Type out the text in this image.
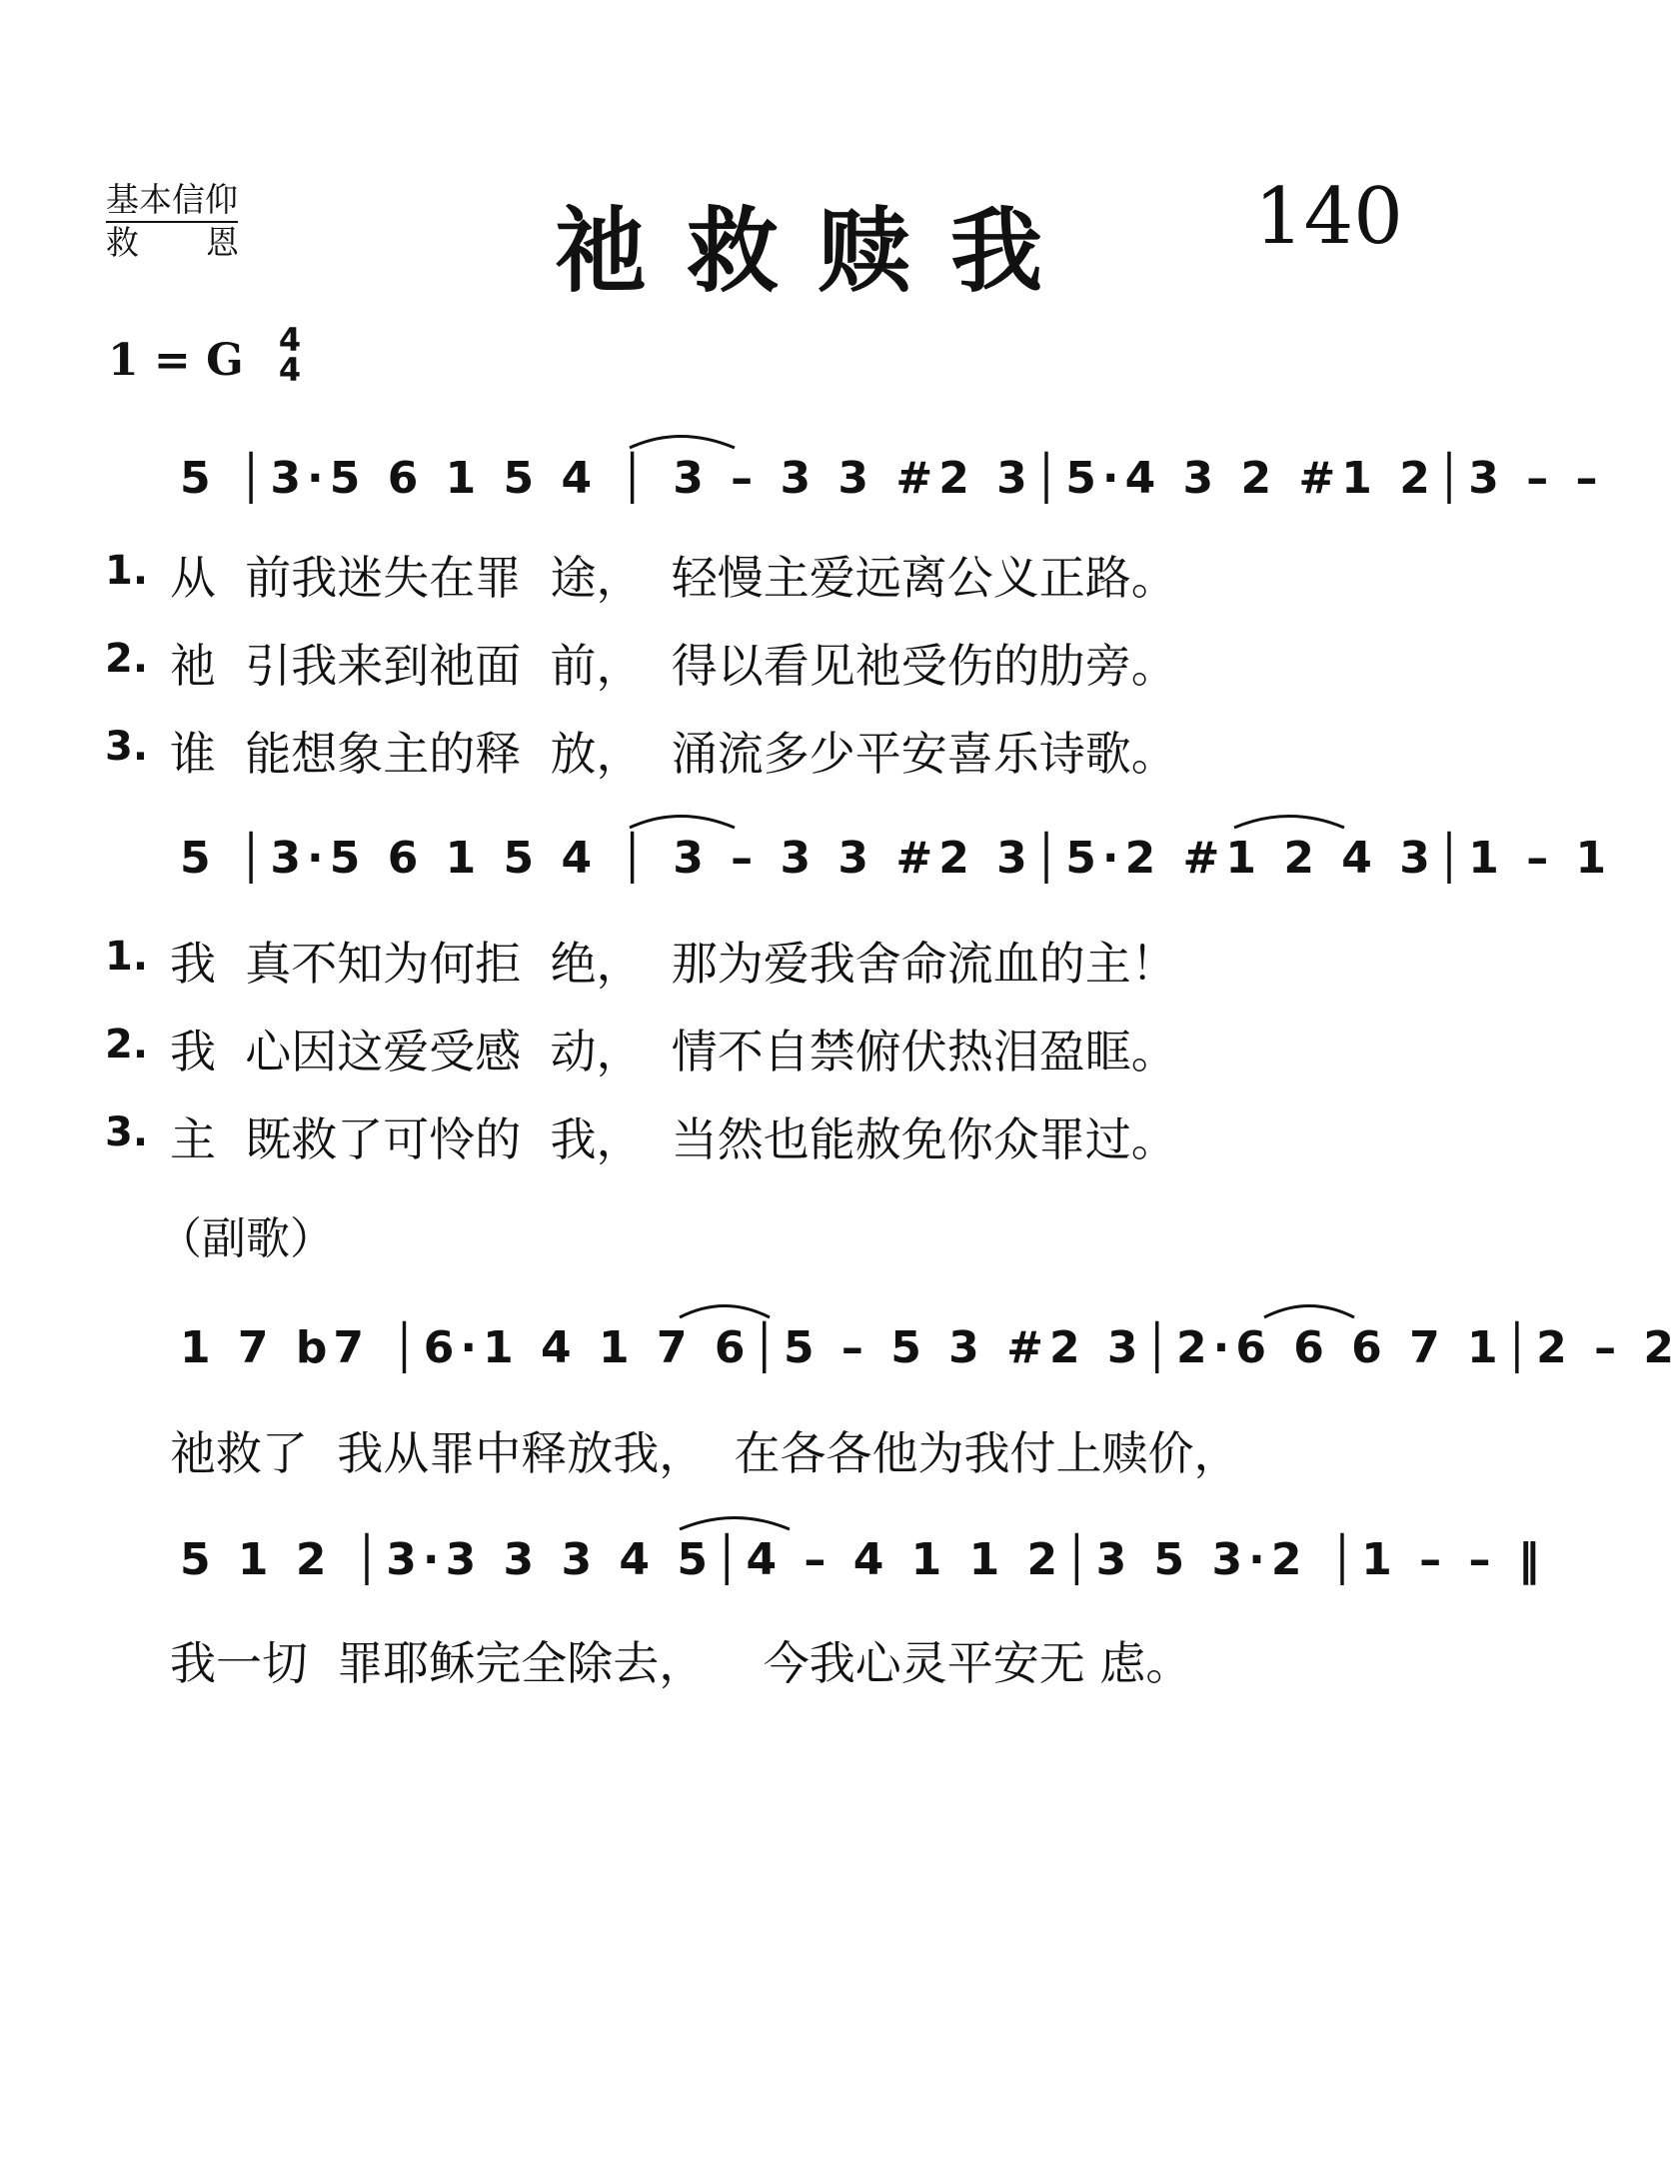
基本信仰
救恩	祂救赎我 140
1 = G 4
4
5 │3·5 6 1 5 4 │ 3 – 3 3 #2 3│5·4 3 2 #1 2│3 – –
1. 从  前我迷失在罪  途，  轻慢主爱远离公义正路。
2. 祂  引我来到祂面  前，  得以看见祂受伤的肋旁。
3. 谁  能想象主的释  放，  涌流多少平安喜乐诗歌。
5 │3·5 6 1 5 4 │ 3 – 3 3 #2 3│5·2 #1 2 4 3│1 – 1
1. 我  真不知为何拒  绝，  那为爱我舍命流血的主！
2. 我  心因这爱受感  动，  情不自禁俯伏热泪盈眶。
3. 主  既救了可怜的  我，  当然也能赦免你众罪过。
（副歌）
1 7 b7 │6·1 4 1 7 6│5 – 5 3 #2 3│2·6 6 6 7 1│2 – 2
祂救了  我从罪中释放我，  在各各他为我付上赎价，
5 1 2 │3·3 3 3 4 5│4 – 4 1 1 2│3 5 3·2 │1 – – ‖
我一切  罪耶稣完全除去，    今我心灵平安无 虑。
